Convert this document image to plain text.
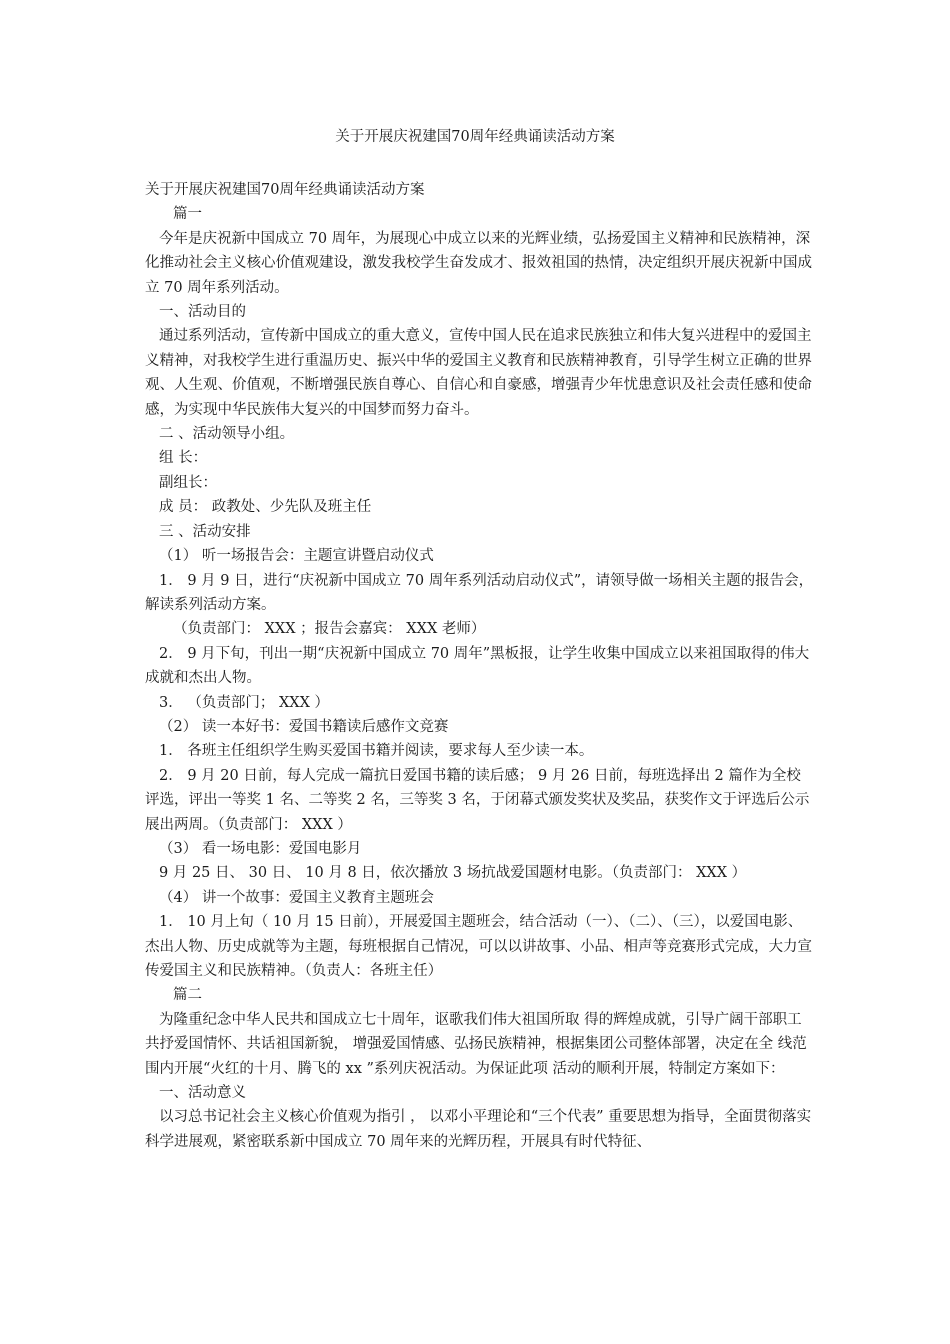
关于开展庆祝建国70周年经典诵读活动方案

关于开展庆祝建国70周年经典诵读活动方案

篇一

今年是庆祝新中国成立 70 周年，为展现心中成立以来的光辉业绩，弘扬爱国主义精神和民族精神，深化推动社会主义核心价值观建设，激发我校学生奋发成才、报效祖国的热情，决定组织开展庆祝新中国成立 70 周年系列活动。

一、活动目的

通过系列活动，宣传新中国成立的重大意义，宣传中国人民在追求民族独立和伟大复兴进程中的爱国主义精神，对我校学生进行重温历史、振兴中华的爱国主义教育和民族精神教育，引导学生树立正确的世界观、人生观、价值观，不断增强民族自尊心、自信心和自豪感，增强青少年忧患意识及社会责任感和使命感，为实现中华民族伟大复兴的中国梦而努力奋斗。

二 、活动领导小组。

组 长：

副组长：

成 员： 政教处、少先队及班主任

三 、活动安排

（1） 听一场报告会：主题宣讲暨启动仪式

1． 9 月 9 日，进行“庆祝新中国成立 70 周年系列活动启动仪式”，请领导做一场相关主题的报告会，解读系列活动方案。

（负责部门： XXX ；报告会嘉宾： XXX 老师）

2． 9 月下旬，刊出一期“庆祝新中国成立 70 周年”黑板报，让学生收集中国成立以来祖国取得的伟大成就和杰出人物。

3． （负责部门； XXX ）

（2） 读一本好书：爱国书籍读后感作文竞赛

1． 各班主任组织学生购买爱国书籍并阅读，要求每人至少读一本。

2． 9 月 20 日前，每人完成一篇抗日爱国书籍的读后感； 9 月 26 日前，每班选择出 2 篇作为全校评选，评出一等奖 1 名、二等奖 2 名，三等奖 3 名，于闭幕式颁发奖状及奖品，获奖作文于评选后公示展出两周。（负责部门： XXX ）

（3） 看一场电影：爱国电影月

9 月 25 日、 30 日、 10 月 8 日，依次播放 3 场抗战爱国题材电影。（负责部门： XXX ）

（4） 讲一个故事：爱国主义教育主题班会

1． 10 月上旬（ 10 月 15 日前），开展爱国主题班会，结合活动（一）、（二）、（三），以爱国电影、杰出人物、历史成就等为主题，每班根据自己情况，可以以讲故事、小品、相声等竞赛形式完成，大力宣传爱国主义和民族精神。（负责人：各班主任）

篇二

为隆重纪念中华人民共和国成立七十周年，讴歌我们伟大祖国所取 得的辉煌成就，引导广阔干部职工共抒爱国情怀、共话祖国新貌， 增强爱国情感、弘扬民族精神，根据集团公司整体部署，决定在全 线范围内开展“火红的十月、腾飞的 xx ”系列庆祝活动。为保证此项 活动的顺利开展，特制定方案如下：

一、活动意义

以习总书记社会主义核心价值观为指引 ， 以邓小平理论和“三个代表” 重要思想为指导，全面贯彻落实科学进展观，紧密联系新中国成立 70 周年来的光辉历程，开展具有时代特征、
